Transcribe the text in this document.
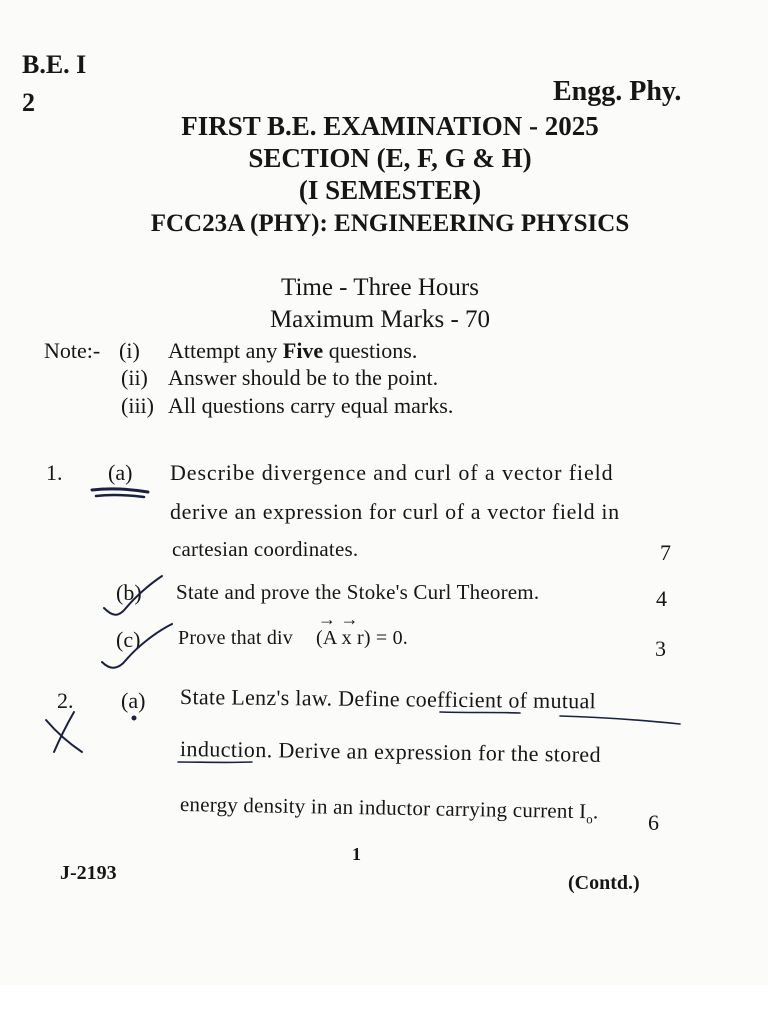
B.E. I
2	Engg. Phy.
FIRST B.E. EXAMINATION - 2025
SECTION (E, F, G & H)
(I SEMESTER)
FCC23A (PHY): ENGINEERING PHYSICS
Time - Three Hours
Maximum Marks - 70
Note:- (i) Attempt any Five questions.
(ii) Answer should be to the point.
(iii) All questions carry equal marks.
1. (a) Describe divergence and curl of a vector field
derive an expression for curl of a vector field in
cartesian coordinates.	7
(b) State and prove the Stoke's Curl Theorem.	4
(c) Prove that div
→ →
(A x r) = 0.	3
2. (a) State Lenz's law. Define coefficient of mutual
induction. Derive an expression for the stored
energy density in an inductor carrying current $I_o$. 6
1
J-2193	(Contd.)
